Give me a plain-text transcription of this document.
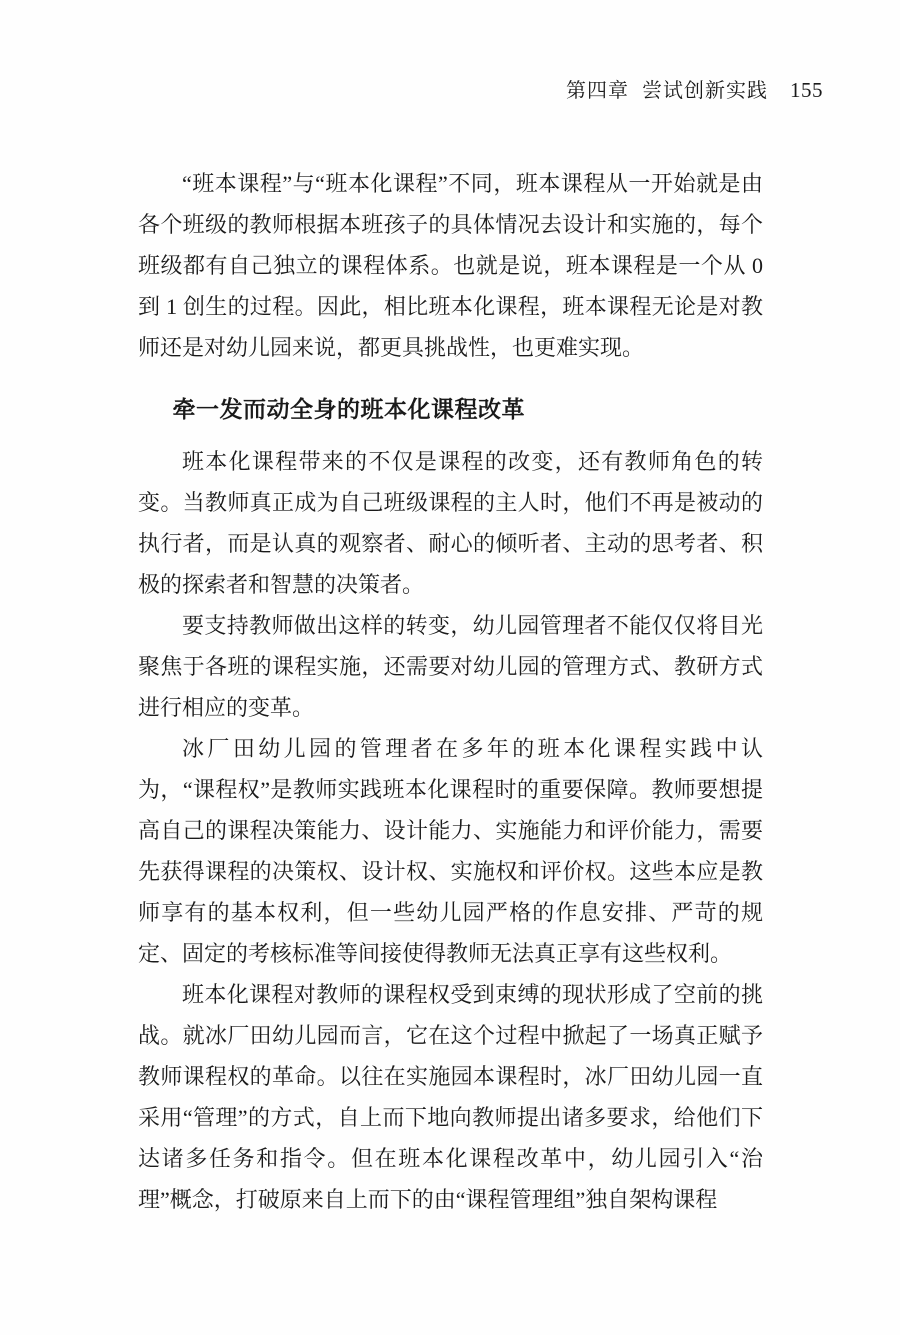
第四章 尝试创新实践 155

“班本课程”与“班本化课程”不同，班本课程从一开始就是由各个班级的教师根据本班孩子的具体情况去设计和实施的，每个班级都有自己独立的课程体系。也就是说，班本课程是一个从 0 到 1 创生的过程。因此，相比班本化课程，班本课程无论是对教师还是对幼儿园来说，都更具挑战性，也更难实现。

牵一发而动全身的班本化课程改革

班本化课程带来的不仅是课程的改变，还有教师角色的转变。当教师真正成为自己班级课程的主人时，他们不再是被动的执行者，而是认真的观察者、耐心的倾听者、主动的思考者、积极的探索者和智慧的决策者。

要支持教师做出这样的转变，幼儿园管理者不能仅仅将目光聚焦于各班的课程实施，还需要对幼儿园的管理方式、教研方式进行相应的变革。

冰厂田幼儿园的管理者在多年的班本化课程实践中认为，“课程权”是教师实践班本化课程时的重要保障。教师要想提高自己的课程决策能力、设计能力、实施能力和评价能力，需要先获得课程的决策权、设计权、实施权和评价权。这些本应是教师享有的基本权利，但一些幼儿园严格的作息安排、严苛的规定、固定的考核标准等间接使得教师无法真正享有这些权利。

班本化课程对教师的课程权受到束缚的现状形成了空前的挑战。就冰厂田幼儿园而言，它在这个过程中掀起了一场真正赋予教师课程权的革命。以往在实施园本课程时，冰厂田幼儿园一直采用“管理”的方式，自上而下地向教师提出诸多要求，给他们下达诸多任务和指令。但在班本化课程改革中，幼儿园引入“治理”概念，打破原来自上而下的由“课程管理组”独自架构课程
